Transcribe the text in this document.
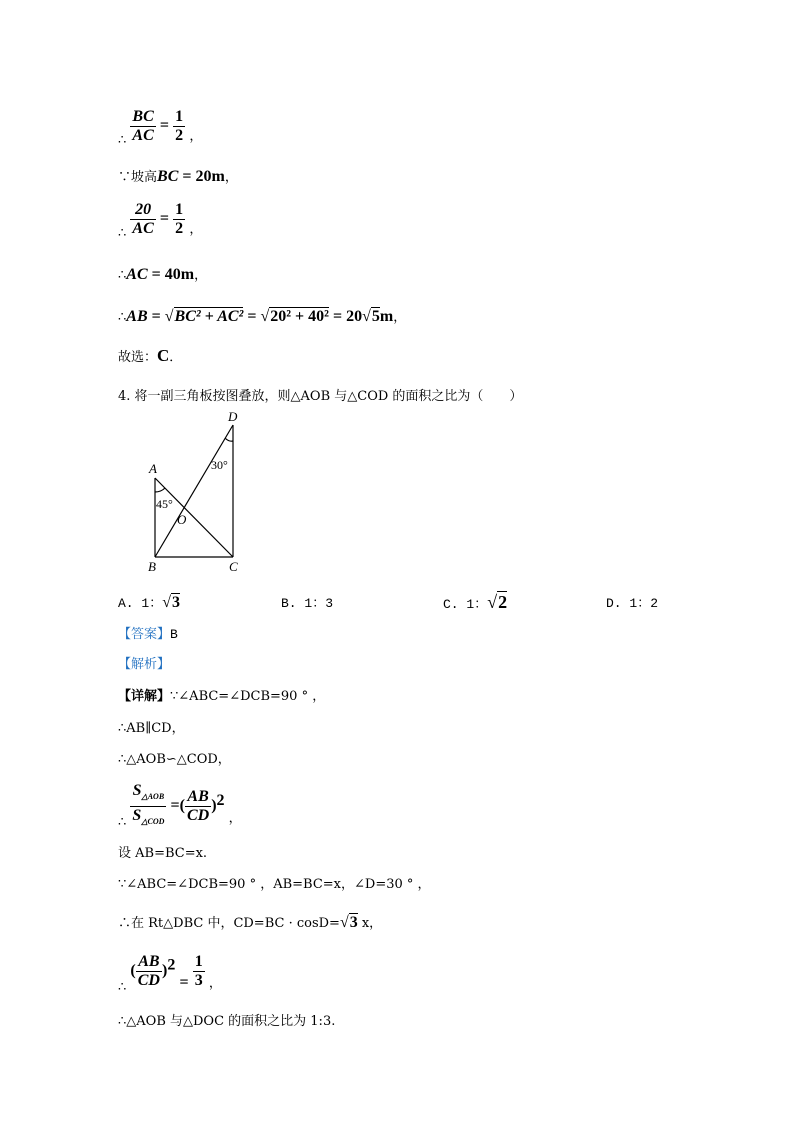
∴ $\frac{BC}{AC} = \frac{1}{2}$ ，
∵坡高BC = 20m，
∴ $\frac{20}{AC} = \frac{1}{2}$ ，
∴AC = 40m，
∴AB = √BC² + AC² = √20² + 40² = 20√5m，
故选：C．
4. 将一副三角板按图叠放，则△AOB 与△COD 的面积之比为（　　）
A
B	C
D
O
45°
30°
A. 1：√3	B. 1：3	C. 1：√2	D. 1：2
【答案】B
【解析】
【详解】∵∠ABC=∠DCB=90 ° ，
∴AB∥CD，
∴△AOB∽△COD，
∴ $\frac{S_{\triangle AOB}}{S_{\triangle COD}}$ =( $\frac{AB}{CD} )^2$ ，
设 AB=BC=x.
∵∠ABC=∠DCB=90 ° ，AB=BC=x，∠D=30 ° ，
∴在 Rt△DBC 中，CD=BC · cosD=√3 x，
∴ ( $\frac{AB}{CD} )^2 = \frac{1}{3}$ ，
∴△AOB 与△DOC 的面积之比为 1:3.
